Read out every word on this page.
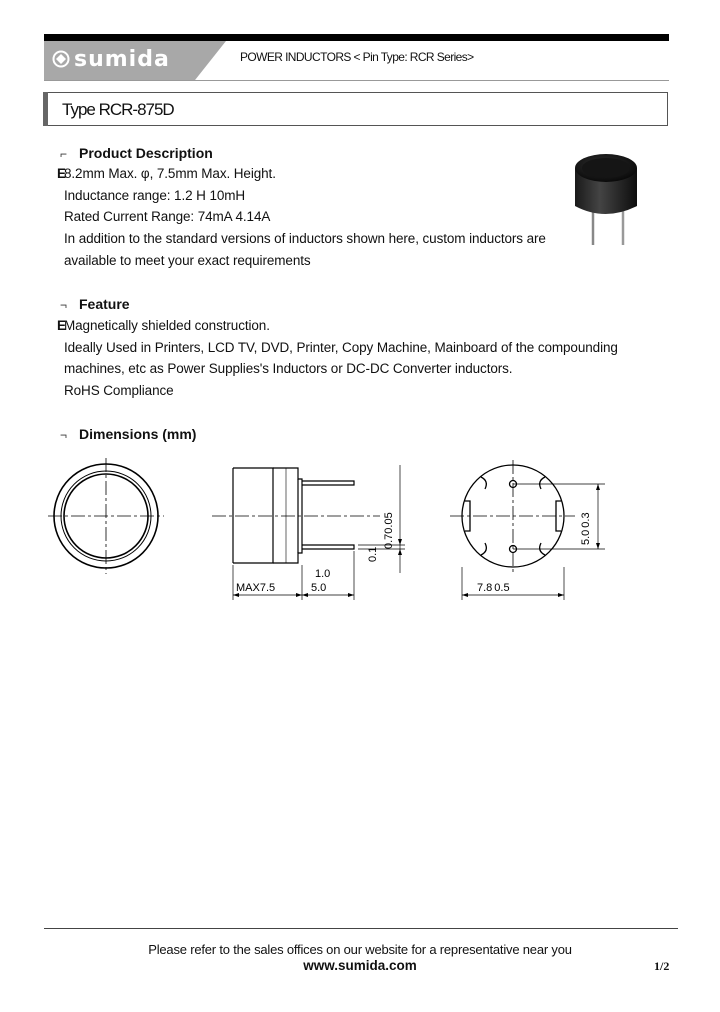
sumida	POWER INDUCTORS < Pin Type: RCR Series>
Type RCR-875D
⌐ Product Description
E8.2mm Max. φ, 7.5mm Max. Height.
Inductance range: 1.2 H 10mH
Rated Current Range: 74mA 4.14A
In addition to the standard versions of inductors shown here, custom inductors are
available to meet your exact requirements
¬ Feature
EMagnetically shielded construction.
Ideally Used in Printers, LCD TV, DVD, Printer, Copy Machine, Mainboard of the compounding
machines, etc as Power Supplies's Inductors or DC-DC Converter inductors.
RoHS Compliance
¬ Dimensions (mm)
0.1
0.70.05
MAX7.5
1.0
5.0	7.8 0.5
5.00.3
Please refer to the sales offices on our website for a representative near you
www.sumida.com	1/2
